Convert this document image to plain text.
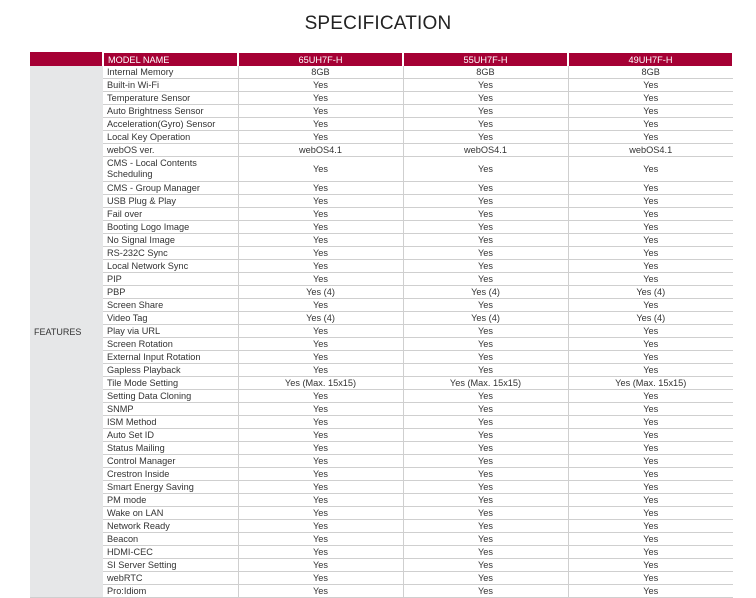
SPECIFICATION
	MODEL NAME	65UH7F-H	55UH7F-H	49UH7F-H
FEATURES	Internal Memory	8GB	8GB	8GB
	Built-in Wi-Fi	Yes	Yes	Yes
	Temperature Sensor	Yes	Yes	Yes
	Auto Brightness Sensor	Yes	Yes	Yes
	Acceleration(Gyro) Sensor	Yes	Yes	Yes
	Local Key Operation	Yes	Yes	Yes
	webOS ver.	webOS4.1	webOS4.1	webOS4.1
	CMS - Local Contents Scheduling	Yes	Yes	Yes
	CMS - Group Manager	Yes	Yes	Yes
	USB Plug & Play	Yes	Yes	Yes
	Fail over	Yes	Yes	Yes
	Booting Logo Image	Yes	Yes	Yes
	No Signal Image	Yes	Yes	Yes
	RS-232C Sync	Yes	Yes	Yes
	Local Network Sync	Yes	Yes	Yes
	PIP	Yes	Yes	Yes
	PBP	Yes (4)	Yes (4)	Yes (4)
	Screen Share	Yes	Yes	Yes
	Video Tag	Yes (4)	Yes (4)	Yes (4)
	Play via URL	Yes	Yes	Yes
	Screen Rotation	Yes	Yes	Yes
	External Input Rotation	Yes	Yes	Yes
	Gapless Playback	Yes	Yes	Yes
	Tile Mode Setting	Yes (Max. 15x15)	Yes (Max. 15x15)	Yes (Max. 15x15)
	Setting Data Cloning	Yes	Yes	Yes
	SNMP	Yes	Yes	Yes
	ISM Method	Yes	Yes	Yes
	Auto Set ID	Yes	Yes	Yes
	Status Mailing	Yes	Yes	Yes
	Control Manager	Yes	Yes	Yes
	Crestron Inside	Yes	Yes	Yes
	Smart Energy Saving	Yes	Yes	Yes
	PM mode	Yes	Yes	Yes
	Wake on LAN	Yes	Yes	Yes
	Network Ready	Yes	Yes	Yes
	Beacon	Yes	Yes	Yes
	HDMI-CEC	Yes	Yes	Yes
	SI Server Setting	Yes	Yes	Yes
	webRTC	Yes	Yes	Yes
	Pro:Idiom	Yes	Yes	Yes
